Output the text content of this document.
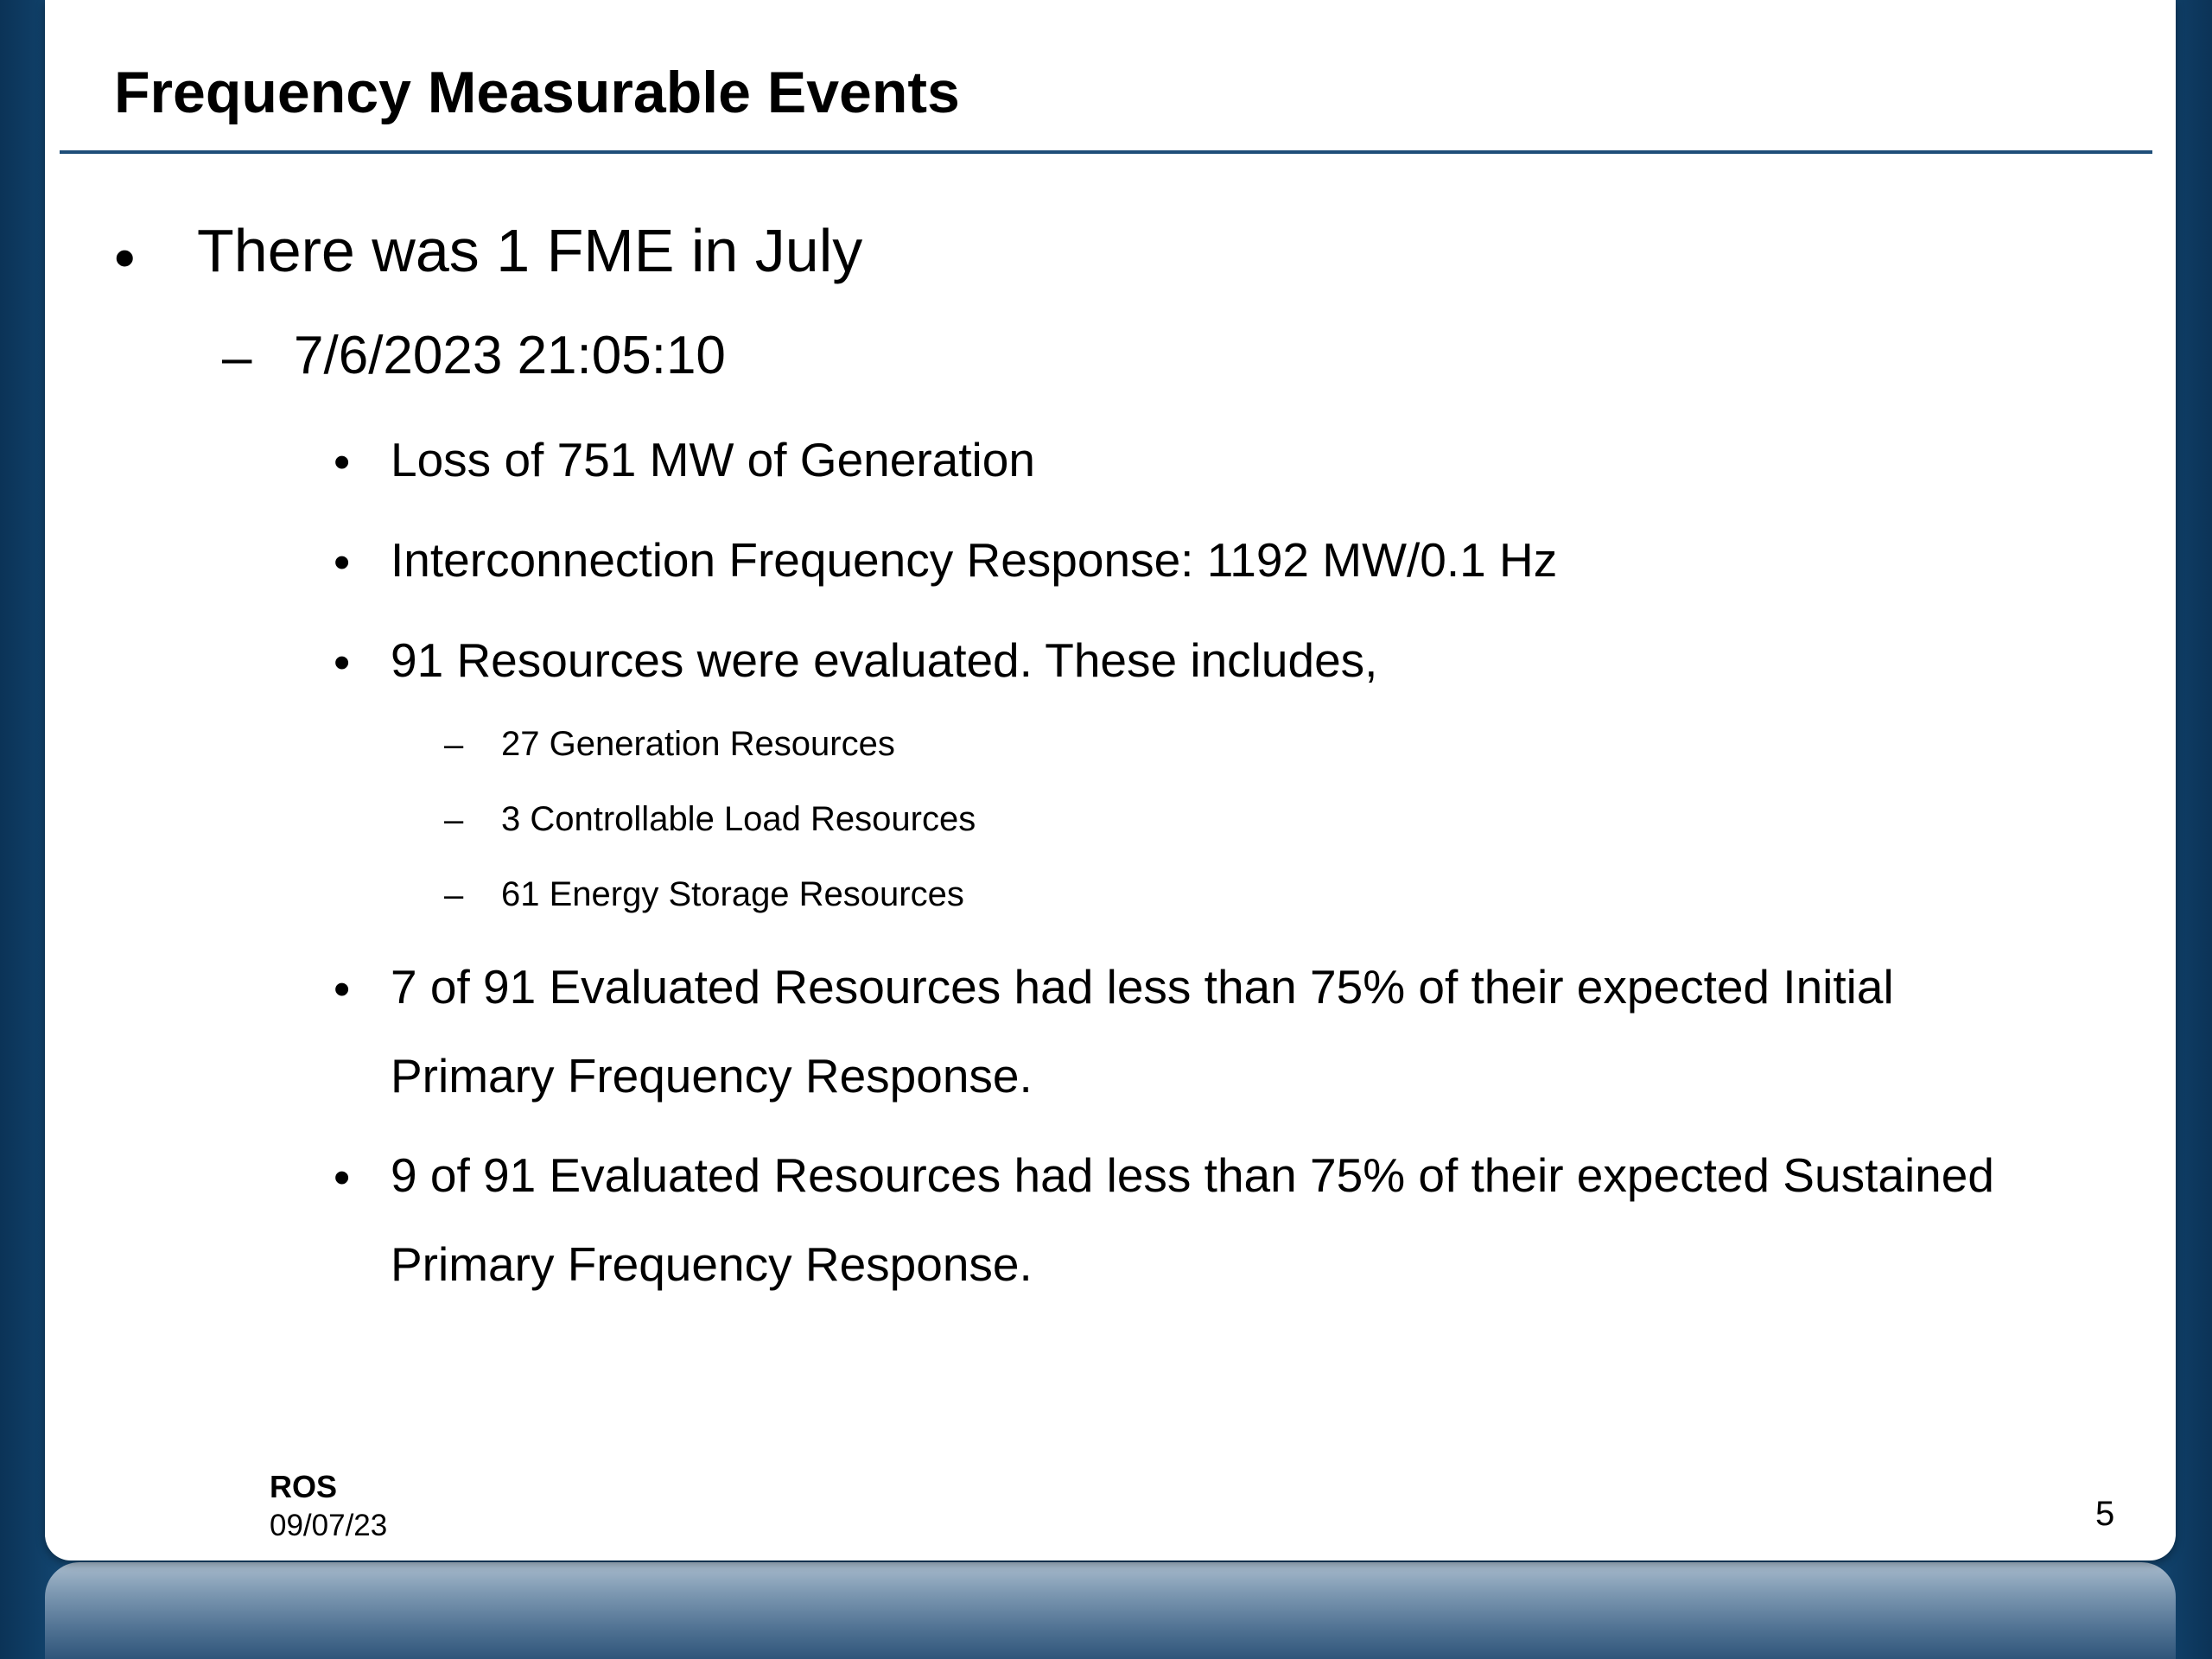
Frequency Measurable Events
• There was 1 FME in July
– 7/6/2023 21:05:10
• Loss of 751 MW of Generation
• Interconnection Frequency Response: 1192 MW/0.1 Hz
• 91 Resources were evaluated. These includes,
– 27 Generation Resources
– 3 Controllable Load Resources
– 61 Energy Storage Resources
• 7 of 91 Evaluated Resources had less than 75% of their expected Initial
Primary Frequency Response.
• 9 of 91 Evaluated Resources had less than 75% of their expected Sustained
Primary Frequency Response.
ROS
09/07/23	5
